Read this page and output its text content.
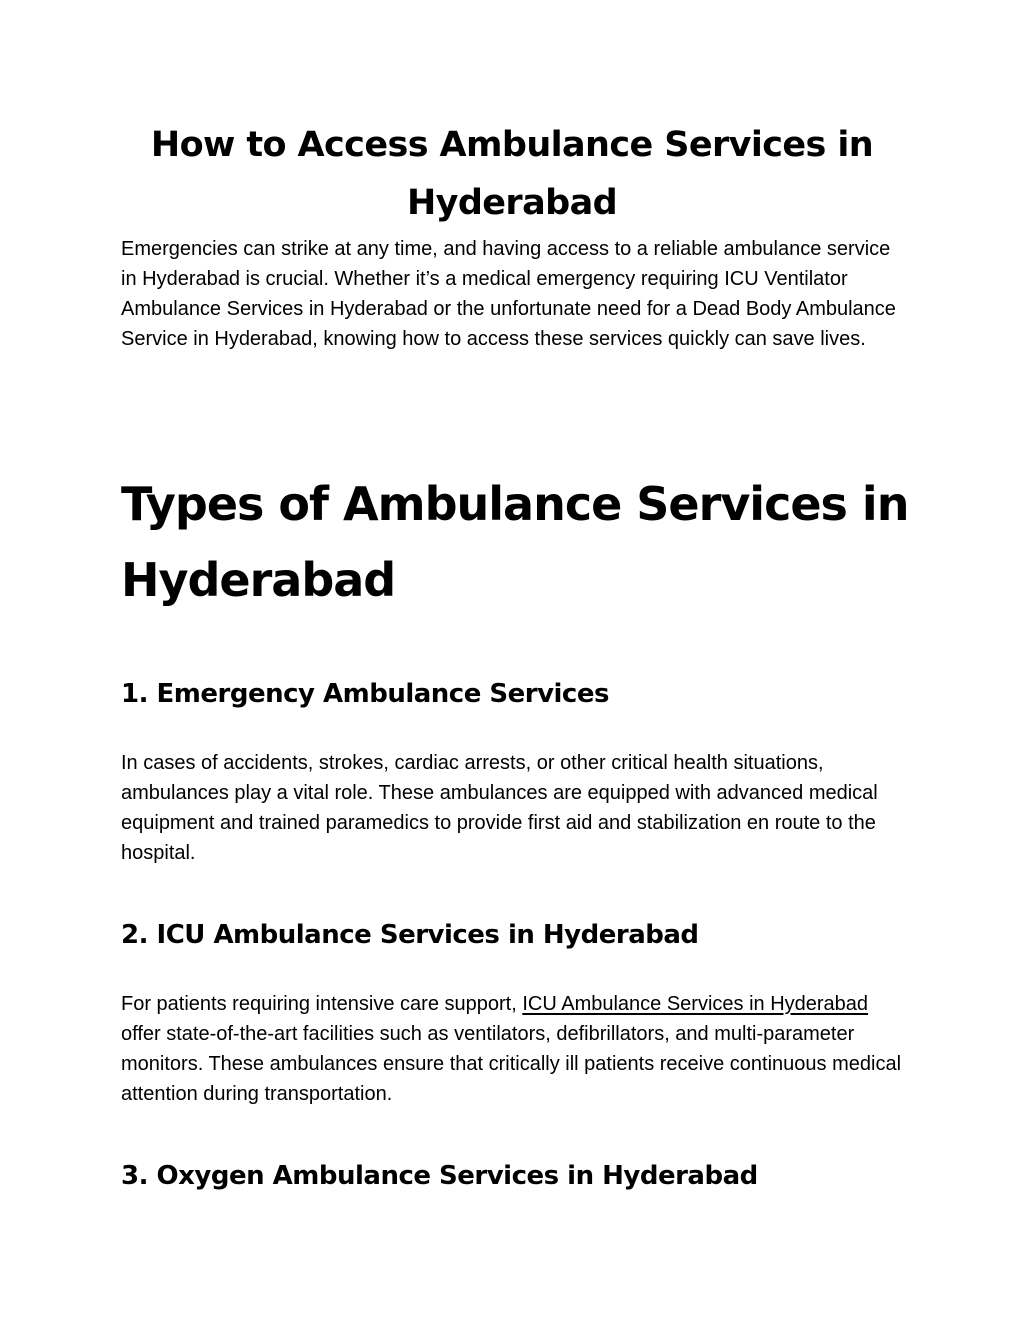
How to Access Ambulance Services in Hyderabad

Emergencies can strike at any time, and having access to a reliable ambulance service in Hyderabad is crucial. Whether it’s a medical emergency requiring ICU Ventilator Ambulance Services in Hyderabad or the unfortunate need for a Dead Body Ambulance Service in Hyderabad, knowing how to access these services quickly can save lives.

Types of Ambulance Services in Hyderabad
1. Emergency Ambulance Services

In cases of accidents, strokes, cardiac arrests, or other critical health situations, ambulances play a vital role. These ambulances are equipped with advanced medical equipment and trained paramedics to provide first aid and stabilization en route to the hospital.

2. ICU Ambulance Services in Hyderabad

For patients requiring intensive care support, ICU Ambulance Services in Hyderabad offer state-of-the-art facilities such as ventilators, defibrillators, and multi-parameter monitors. These ambulances ensure that critically ill patients receive continuous medical attention during transportation.

3. Oxygen Ambulance Services in Hyderabad
